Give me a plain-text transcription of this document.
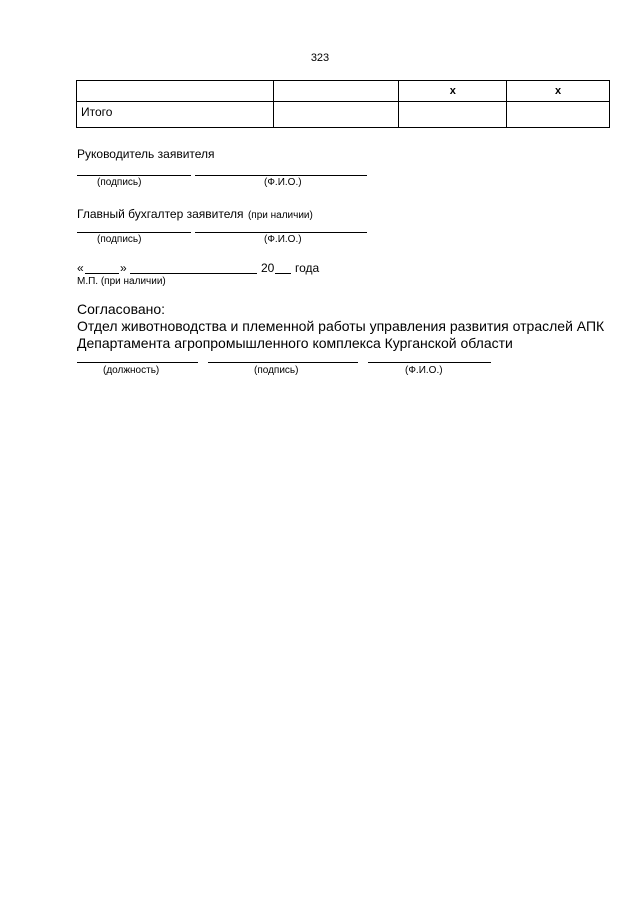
323
		х	х
Итого			
Руководитель заявителя
(подпись)	(Ф.И.О.)
Главный бухгалтер заявителя (при наличии)
(подпись)	(Ф.И.О.)
«	»	20 года
М.П. (при наличии)
Согласовано:
Отдел животноводства и племенной работы управления развития отраслей АПК
Департамента агропромышленного комплекса Курганской области
(должность)	(подпись)	(Ф.И.О.)
